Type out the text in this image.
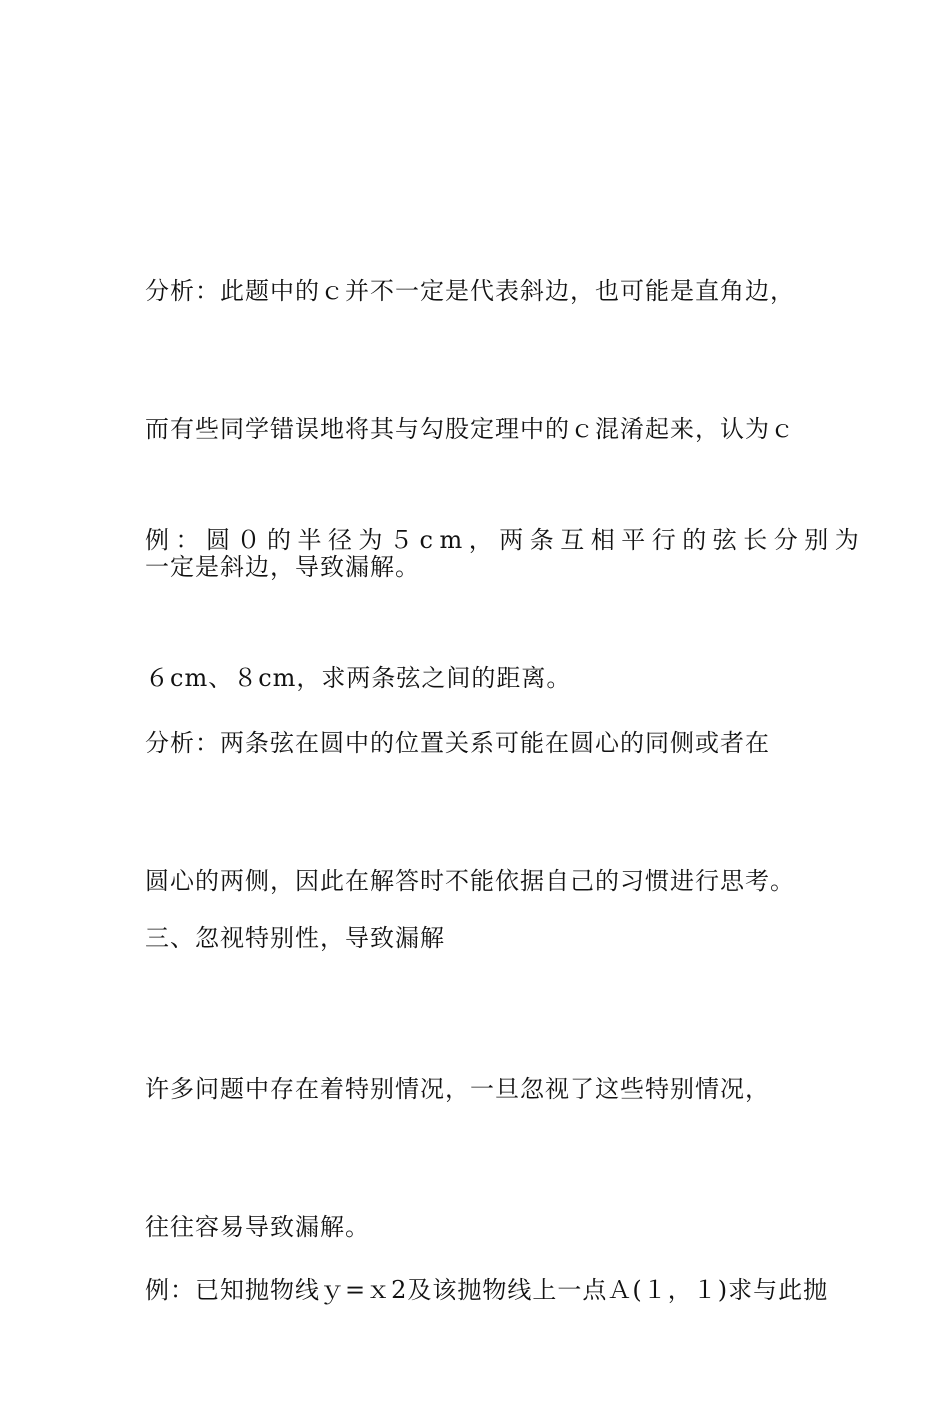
分析：此题中的ｃ并不一定是代表斜边，也可能是直角边，

而有些同学错误地将其与勾股定理中的ｃ混淆起来，认为ｃ

一定是斜边，导致漏解。

例：圆０的半径为５cm，两条互相平行的弦长分别为

６cm、８cm，求两条弦之间的距离。

分析：两条弦在圆中的位置关系可能在圆心的同侧或者在

圆心的两侧，因此在解答时不能依据自己的习惯进行思考。

三、忽视特别性，导致漏解

许多问题中存在着特别情况，一旦忽视了这些特别情况，

往往容易导致漏解。

例：已知抛物线ｙ=ｘ2及该抛物线上一点Ａ(１，１)求与此抛
